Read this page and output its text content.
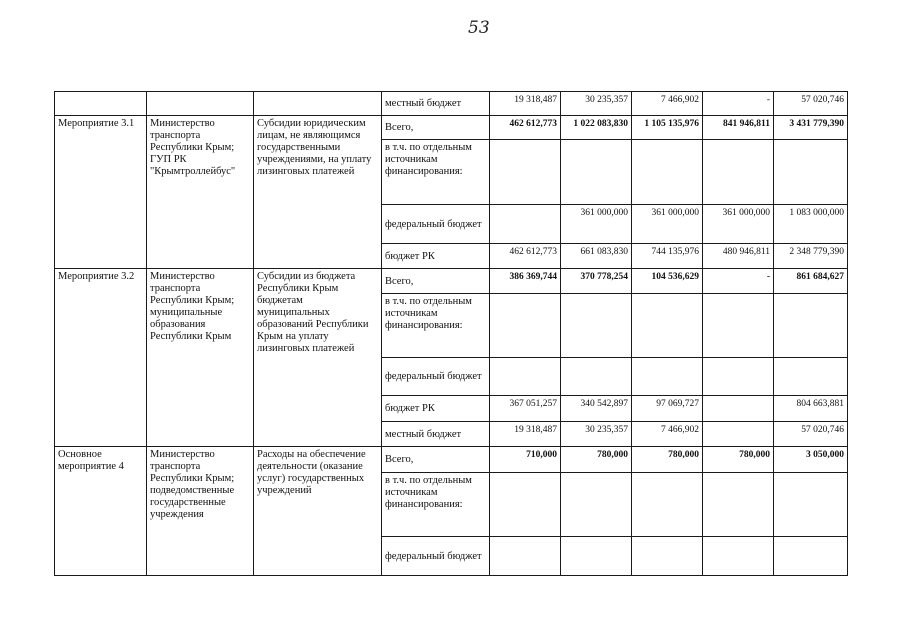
53
			местный бюджет	19 318,487	30 235,357	7 466,902	-	57 020,746
Мероприятие 3.1	Министерство транспорта Республики Крым; ГУП РК "Крымтроллейбус"	Субсидии юридическим лицам, не являющимся государственными учреждениями, на уплату лизинговых платежей	Всего,	462 612,773	1 022 083,830	1 105 135,976	841 946,811	3 431 779,390
			в т.ч. по отдельным источникам финансирования:					
			федеральный бюджет		361 000,000	361 000,000	361 000,000	1 083 000,000
			бюджет РК	462 612,773	661 083,830	744 135,976	480 946,811	2 348 779,390
Мероприятие 3.2	Министерство транспорта Республики Крым; муниципальные образования Республики Крым	Субсидии из бюджета Республики Крым бюджетам муниципальных образований Республики Крым на уплату лизинговых платежей	Всего,	386 369,744	370 778,254	104 536,629	-	861 684,627
			в т.ч. по отдельным источникам финансирования:					
			федеральный бюджет					
			бюджет РК	367 051,257	340 542,897	97 069,727		804 663,881
			местный бюджет	19 318,487	30 235,357	7 466,902		57 020,746
Основное мероприятие 4	Министерство транспорта Республики Крым; подведомственные государственные учреждения	Расходы на обеспечение деятельности (оказание услуг) государственных учреждений	Всего,	710,000	780,000	780,000	780,000	3 050,000
			в т.ч. по отдельным источникам финансирования:					
			федеральный бюджет					
